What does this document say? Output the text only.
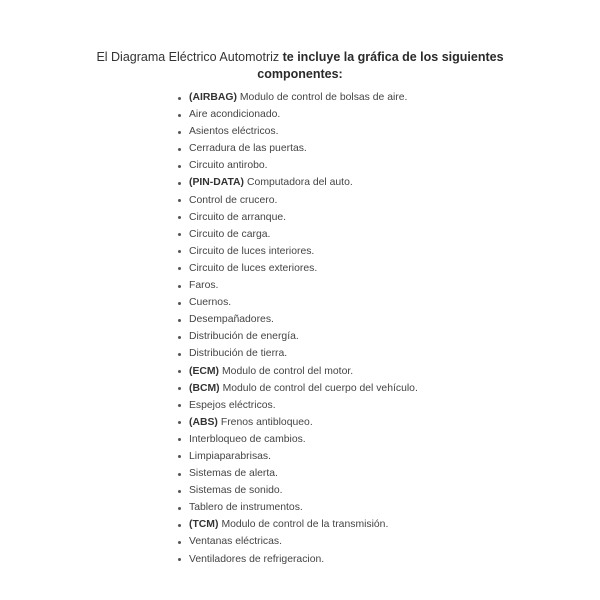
El Diagrama Eléctrico Automotriz te incluye la gráfica de los siguientes componentes:

(AIRBAG) Modulo de control de bolsas de aire.
Aire acondicionado.
Asientos eléctricos.
Cerradura de las puertas.
Circuito antirobo.
(PIN-DATA) Computadora del auto.
Control de crucero.
Circuito de arranque.
Circuito de carga.
Circuito de luces interiores.
Circuito de luces exteriores.
Faros.
Cuernos.
Desempañadores.
Distribución de energía.
Distribución de tierra.
(ECM) Modulo de control del motor.
(BCM) Modulo de control del cuerpo del vehículo.
Espejos eléctricos.
(ABS) Frenos antibloqueo.
Interbloqueo de cambios.
Limpiaparabrisas.
Sistemas de alerta.
Sistemas de sonido.
Tablero de instrumentos.
(TCM) Modulo de control de la transmisión.
Ventanas eléctricas.
Ventiladores de refrigeracion.
